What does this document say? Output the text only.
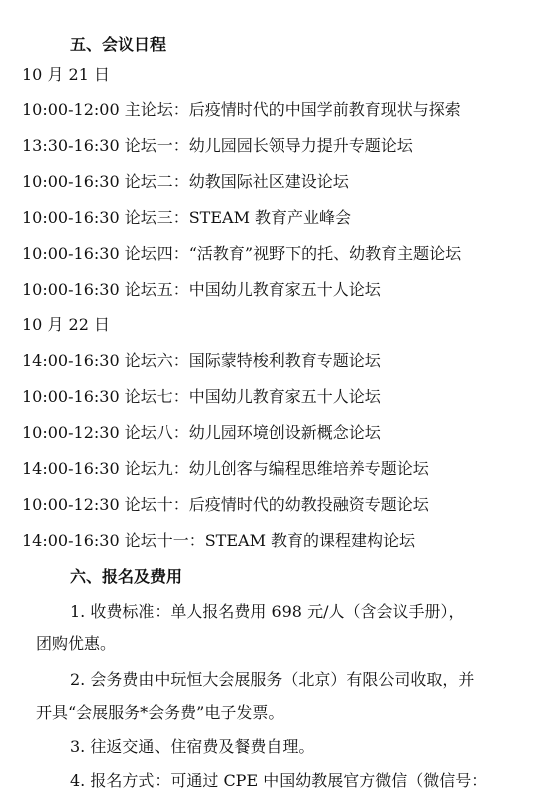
五、会议日程
10 月 21 日
10:00-12:00 主论坛：后疫情时代的中国学前教育现状与探索
13:30-16:30 论坛一：幼儿园园长领导力提升专题论坛
10:00-16:30 论坛二：幼教国际社区建设论坛
10:00-16:30 论坛三：STEAM 教育产业峰会
10:00-16:30 论坛四：“活教育”视野下的托、幼教育主题论坛
10:00-16:30 论坛五：中国幼儿教育家五十人论坛
10 月 22 日
14:00-16:30 论坛六：国际蒙特梭利教育专题论坛
10:00-16:30 论坛七：中国幼儿教育家五十人论坛
10:00-12:30 论坛八：幼儿园环境创设新概念论坛
14:00-16:30 论坛九：幼儿创客与编程思维培养专题论坛
10:00-12:30 论坛十：后疫情时代的幼教投融资专题论坛
14:00-16:30 论坛十一：STEAM 教育的课程建构论坛
六、报名及费用
1. 收费标准：单人报名费用 698 元/人（含会议手册），
团购优惠。
2. 会务费由中玩恒大会展服务（北京）有限公司收取，并
开具“会展服务*会务费”电子发票。
3. 往返交通、住宿费及餐费自理。
4. 报名方式：可通过 CPE 中国幼教展官方微信（微信号：
